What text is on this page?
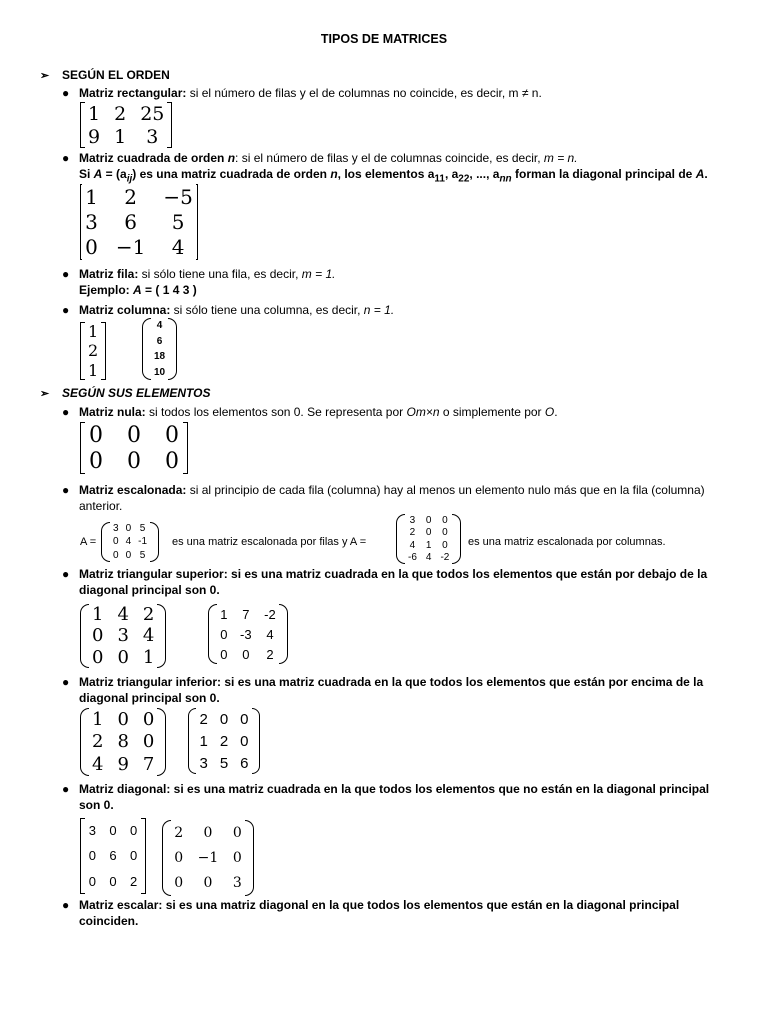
TIPOS DE MATRICES
➢ SEGÚN EL ORDEN
● Matriz rectangular: si el número de filas y el de columnas no coincide, es decir, m ≠ n.
1 2 25
9 1	3
● Matriz cuadrada de orden n: si el número de filas y el de columnas coincide, es decir, m = n.
Si $A = (a_{ij})$ es una matriz cuadrada de orden n, los elementos $a_{11}$, $a_{22}$, ..., $a_{nn}$ forman la diagonal principal de A.
1	2	−5
3	6	5
0 −1	4
● Matriz fila: si sólo tiene una fila, es decir, m = 1.
Ejemplo: A = ( 1 4 3 )
● Matriz columna: si sólo tiene una columna, es decir, n = 1.
1
2
1
4
6
18
10
➢ SEGÚN SUS ELEMENTOS
● Matriz nula: si todos los elementos son 0. Se representa por Om×n o simplemente por O.
0 0 0
0 0 0
● Matriz escalonada: si al principio de cada fila (columna) hay al menos un elemento nulo más que en la fila (columna) anterior.
A =
3 0 5
0 4 -1
0 0 5
es una matriz escalonada por filas y A =
3 0 0
2 0 0
4 1 0
-6 4 -2
es una matriz escalonada por columnas.
● Matriz triangular superior: si es una matriz cuadrada en la que todos los elementos que están por debajo de la diagonal principal son 0.
1 4 2
0 3 4
0 0 1
1 7 -2
0 -3 4
0 0 2
● Matriz triangular inferior: si es una matriz cuadrada en la que todos los elementos que están por encima de la diagonal principal son 0.
1 0 0
2 8 0
4 9 7
2 0 0
1 2 0
3 5 6
● Matriz diagonal: si es una matriz cuadrada en la que todos los elementos que no están en la diagonal principal son 0.
3 0 0
0 6 0
0 0 2
2	0	0
0 −1 0
0	0	3
● Matriz escalar: si es una matriz diagonal en la que todos los elementos que están en la diagonal principal coinciden.
